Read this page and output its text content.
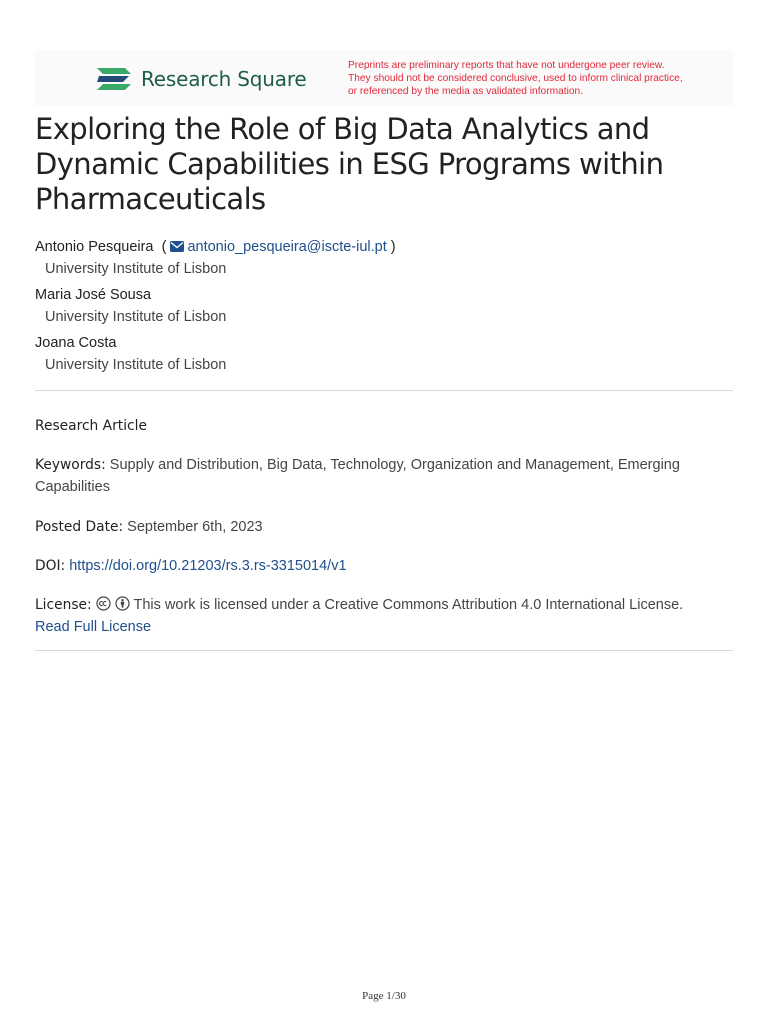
Research Square
Preprints are preliminary reports that have not undergone peer review.
They should not be considered conclusive, used to inform clinical practice,
or referenced by the media as validated information.
Exploring the Role of Big Data Analytics and
Dynamic Capabilities in ESG Programs within
Pharmaceuticals
Antonio Pesqueira ( antonio_pesqueira@iscte-iul.pt )
University Institute of Lisbon
Maria José Sousa
University Institute of Lisbon
Joana Costa
University Institute of Lisbon
Research Article
Keywords: Supply and Distribution, Big Data, Technology, Organization and Management, Emerging Capabilities
Posted Date: September 6th, 2023
DOI: https://doi.org/10.21203/rs.3.rs-3315014/v1
License:	This work is licensed under a Creative Commons Attribution 4.0 International License.
Read Full License
Page 1/30
